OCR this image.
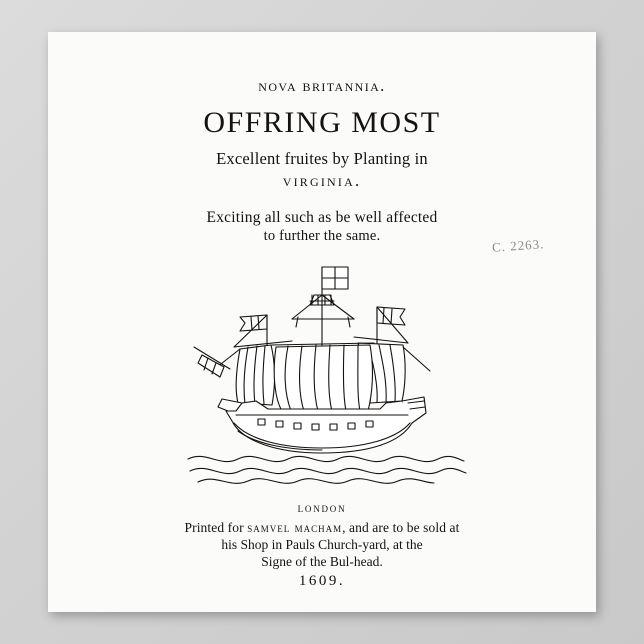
nova britannia.
OFFRING MOST
Excellent fruites by Planting in
virginia.
Exciting all such as be well affected
to further the same.
C. 2263.
london
Printed for samvel macham, and are to be sold at
his Shop in Pauls Church-yard, at the
Signe of the Bul-head.
1609.
